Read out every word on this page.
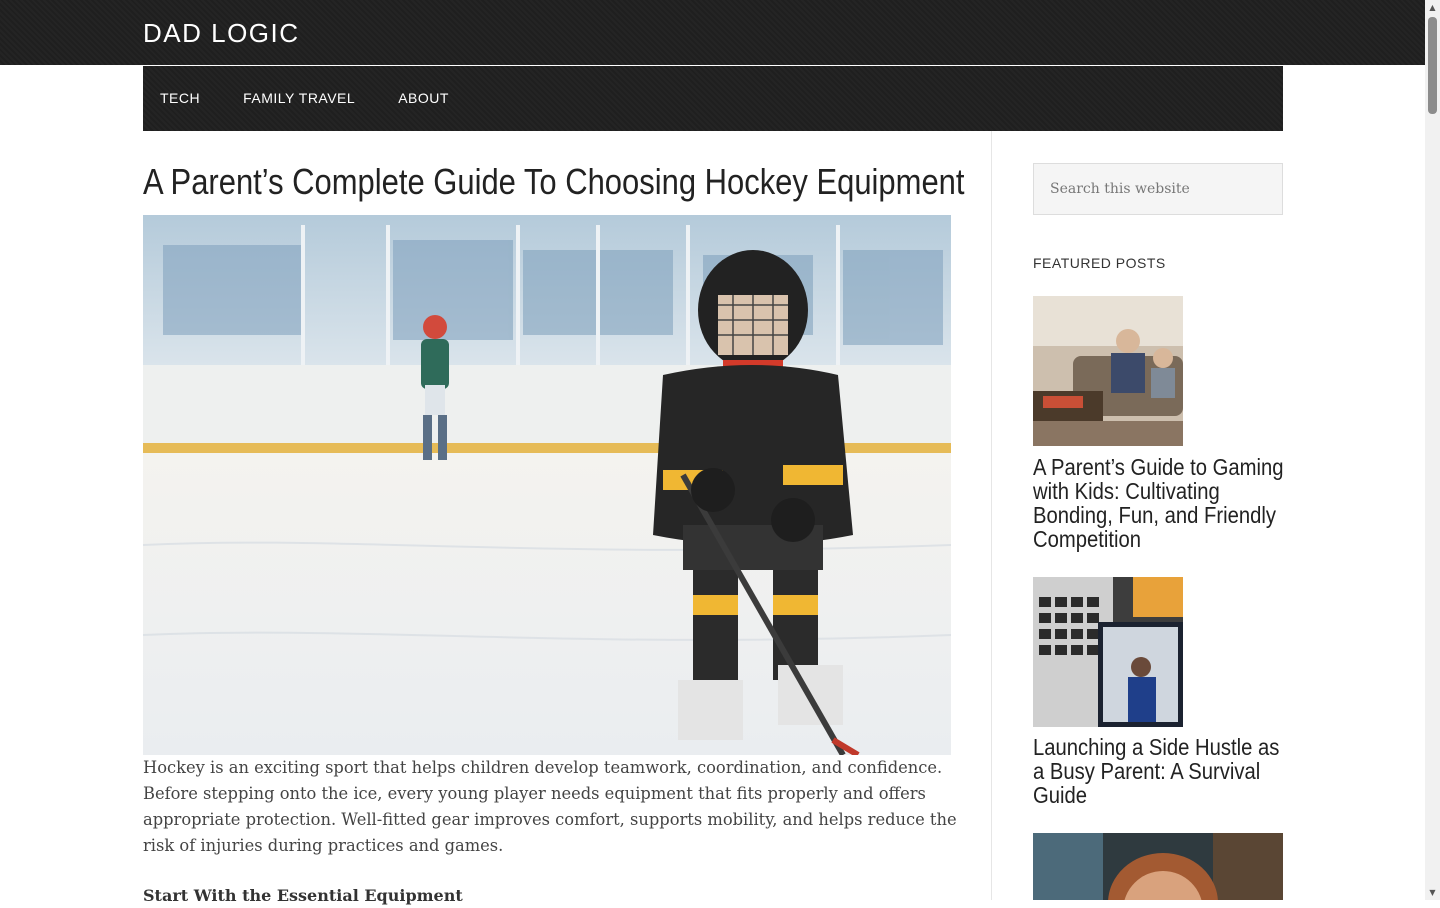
DAD LOGIC
TECH	FAMILY TRAVEL	ABOUT
A Parent’s Complete Guide To Choosing Hockey Equipment

Hockey is an exciting sport that helps children develop teamwork, coordination, and confidence. Before stepping onto the ice, every young player needs equipment that fits properly and offers appropriate protection. Well-fitted gear improves comfort, supports mobility, and helps reduce the risk of injuries during practices and games.

Start With the Essential Equipment
Search this website
FEATURED POSTS
A Parent’s Guide to Gaming with Kids: Cultivating Bonding, Fun, and Friendly Competition
Launching a Side Hustle as a Busy Parent: A Survival Guide
▲
▼
